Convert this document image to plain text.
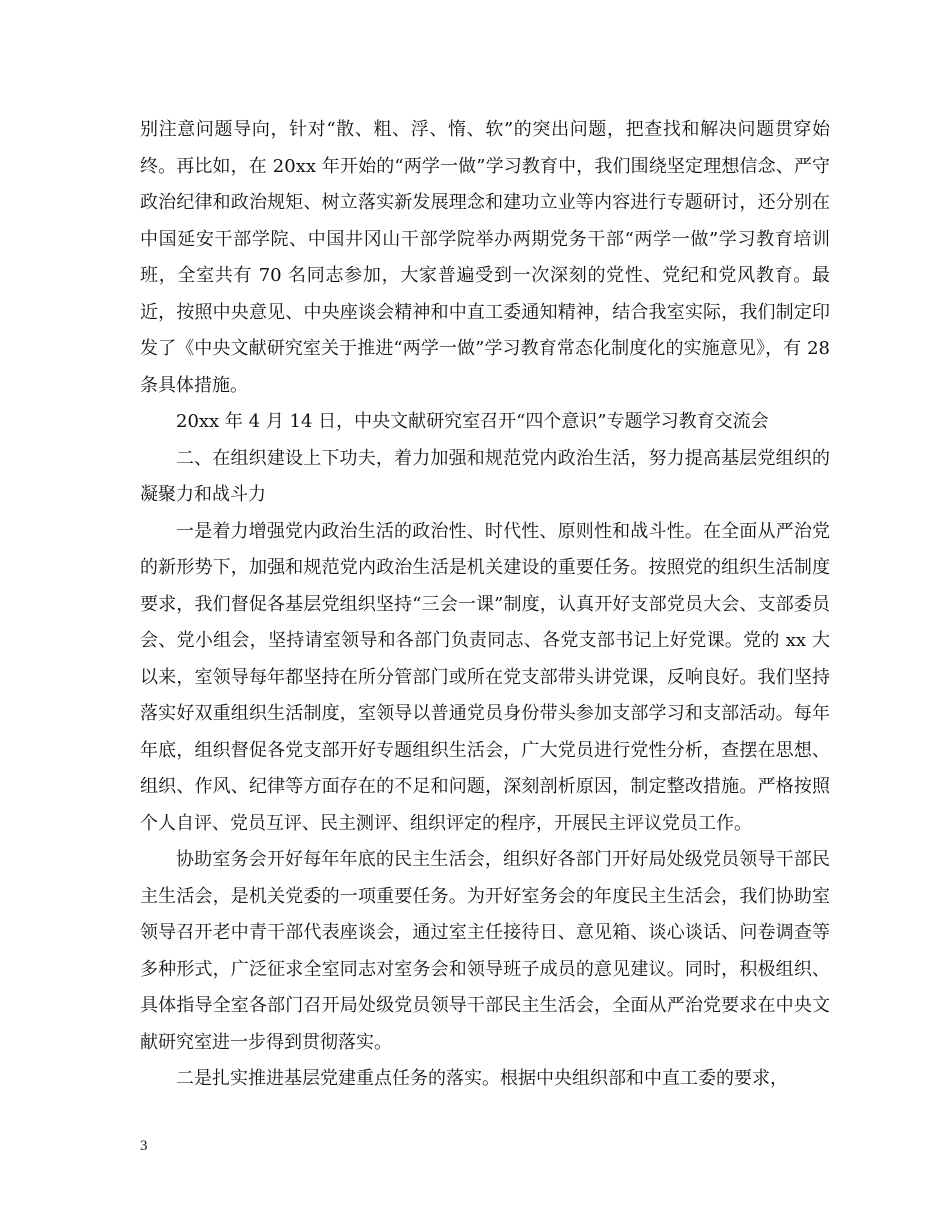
别注意问题导向，针对“散、粗、浮、惰、软”的突出问题，把查找和解决问题贯穿始终。再比如，在 20xx 年开始的“两学一做”学习教育中，我们围绕坚定理想信念、严守政治纪律和政治规矩、树立落实新发展理念和建功立业等内容进行专题研讨，还分别在中国延安干部学院、中国井冈山干部学院举办两期党务干部“两学一做”学习教育培训班，全室共有 70 名同志参加，大家普遍受到一次深刻的党性、党纪和党风教育。最近，按照中央意见、中央座谈会精神和中直工委通知精神，结合我室实际，我们制定印发了《中央文献研究室关于推进“两学一做”学习教育常态化制度化的实施意见》，有 28 条具体措施。

20xx 年 4 月 14 日，中央文献研究室召开“四个意识”专题学习教育交流会

二、在组织建设上下功夫，着力加强和规范党内政治生活，努力提高基层党组织的凝聚力和战斗力

一是着力增强党内政治生活的政治性、时代性、原则性和战斗性。在全面从严治党的新形势下，加强和规范党内政治生活是机关建设的重要任务。按照党的组织生活制度要求，我们督促各基层党组织坚持“三会一课”制度，认真开好支部党员大会、支部委员会、党小组会，坚持请室领导和各部门负责同志、各党支部书记上好党课。党的 xx 大以来，室领导每年都坚持在所分管部门或所在党支部带头讲党课，反响良好。我们坚持落实好双重组织生活制度，室领导以普通党员身份带头参加支部学习和支部活动。每年年底，组织督促各党支部开好专题组织生活会，广大党员进行党性分析，查摆在思想、组织、作风、纪律等方面存在的不足和问题，深刻剖析原因，制定整改措施。严格按照个人自评、党员互评、民主测评、组织评定的程序，开展民主评议党员工作。

协助室务会开好每年年底的民主生活会，组织好各部门开好局处级党员领导干部民主生活会，是机关党委的一项重要任务。为开好室务会的年度民主生活会，我们协助室领导召开老中青干部代表座谈会，通过室主任接待日、意见箱、谈心谈话、问卷调查等多种形式，广泛征求全室同志对室务会和领导班子成员的意见建议。同时，积极组织、具体指导全室各部门召开局处级党员领导干部民主生活会，全面从严治党要求在中央文献研究室进一步得到贯彻落实。

二是扎实推进基层党建重点任务的落实。根据中央组织部和中直工委的要求，

3
